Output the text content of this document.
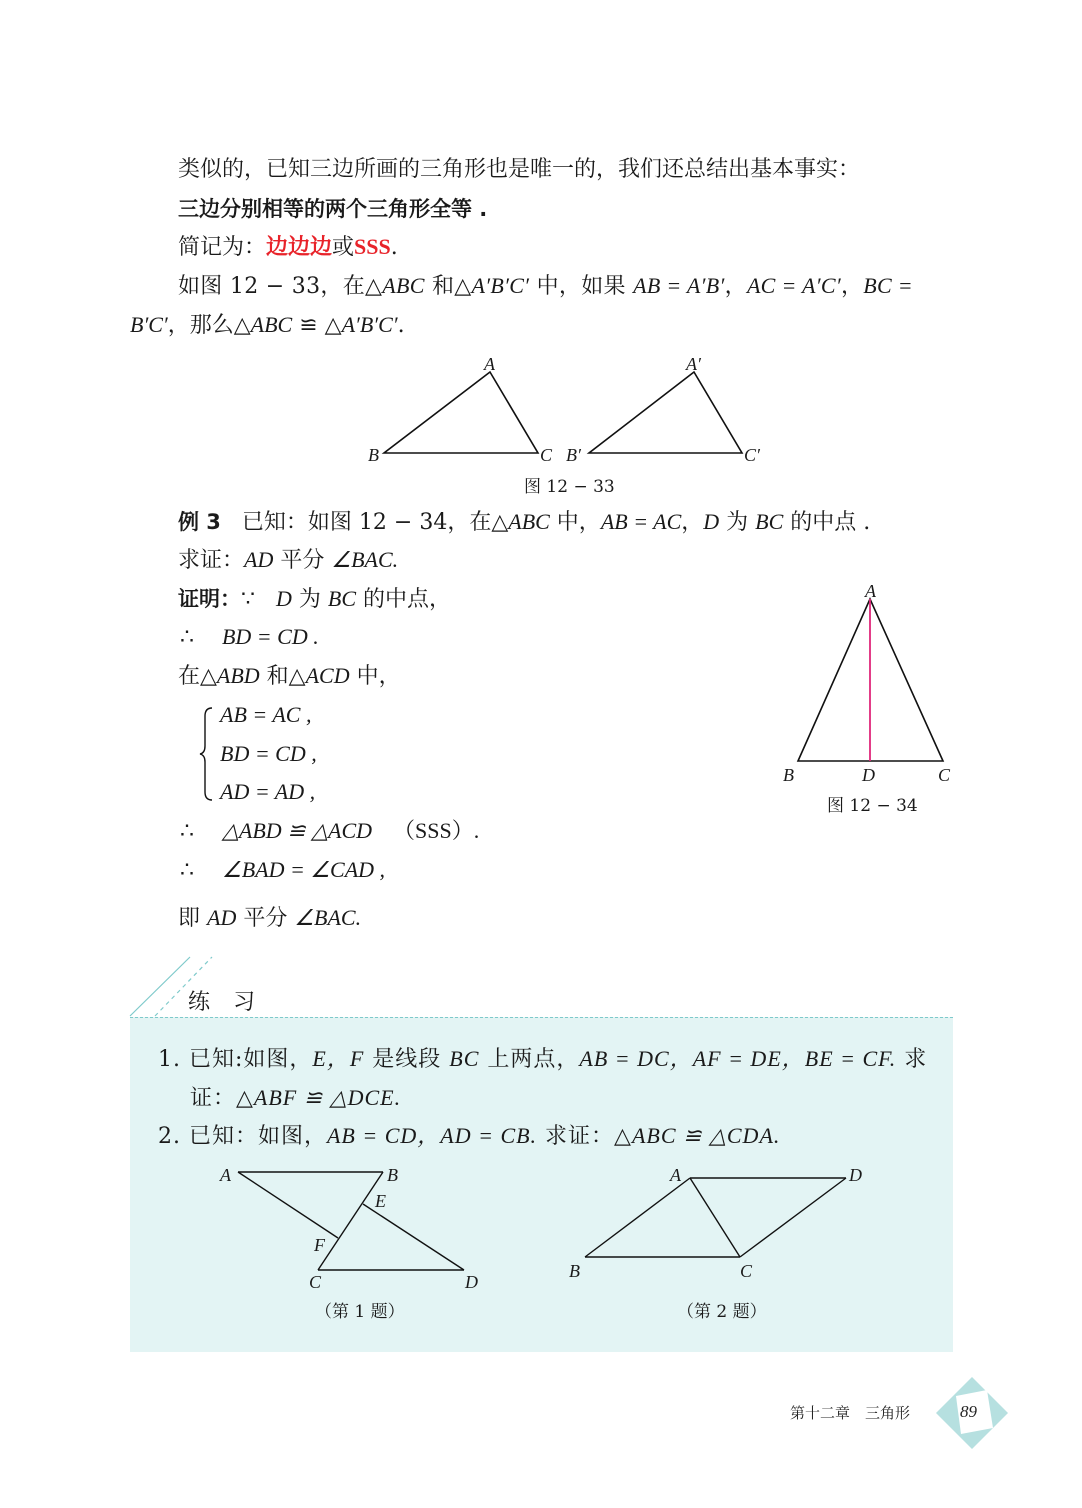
类似的，已知三边所画的三角形也是唯一的，我们还总结出基本事实：
三边分别相等的两个三角形全等 .
简记为：边边边或SSS.
如图 12 − 33，在△ABC 和△A′B′C′ 中，如果 AB = A′B′，AC = A′C′，BC =
B′C′，那么△ABC ≌ △A′B′C′.
A
B	C
A′
B′	C′
图 12 − 33
例 3 已知：如图 12 − 34，在△ABC 中，AB = AC，D 为 BC 的中点 .
求证：AD 平分 ∠BAC.
证明：∵ D 为 BC 的中点，
∴ BD = CD .
在△ABD 和△ACD 中，
AB = AC ,
BD = CD ,
AD = AD ,
∴ △ABD ≌ △ACD （SSS）.
∴ ∠BAD = ∠CAD ,
即 AD 平分 ∠BAC.
A
B	D	C
图 12 − 34
练 习
1. 已知:如图，E，F 是线段 BC 上两点，AB = DC，AF = DE，BE = CF. 求
证：△ABF ≌ △DCE.
2. 已知：如图，AB = CD，AD = CB. 求证：△ABC ≌ △CDA.
A	B
E
F
C	D
（第 1 题）
A	D
B	C
（第 2 题）
第十二章　三角形	89
